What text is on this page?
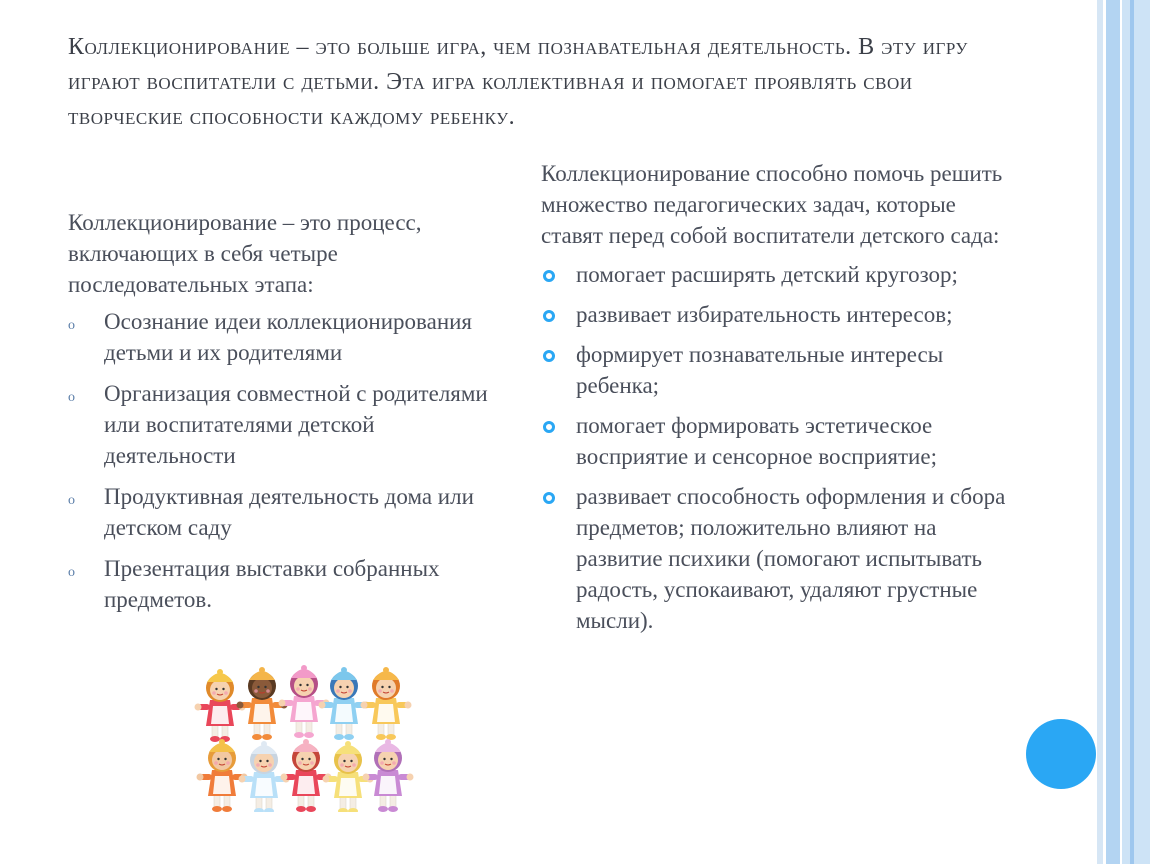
Коллекционирование – это больше игра, чем познавательная деятельность. В эту игру играют воспитатели с детьми. Эта игра коллективная и помогает проявлять свои творческие способности каждому ребенку.

Коллекционирование – это процесс, включающих в себя четыре последовательных этапа:

o Осознание идеи коллекционирования детьми и их родителями
o Организация совместной с родителями или воспитателями детской деятельности
o Продуктивная деятельность дома или детском саду
o Презентация выставки собранных предметов.

Коллекционирование способно помочь решить множество педагогических задач, которые ставят перед собой воспитатели детского сада:

помогает расширять детский кругозор;
развивает избирательность интересов;
формирует познавательные интересы ребенка;
помогает формировать эстетическое восприятие и сенсорное восприятие;
развивает способность оформления и сбора предметов; положительно влияют на развитие психики (помогают испытывать радость, успокаивают, удаляют грустные мысли).
